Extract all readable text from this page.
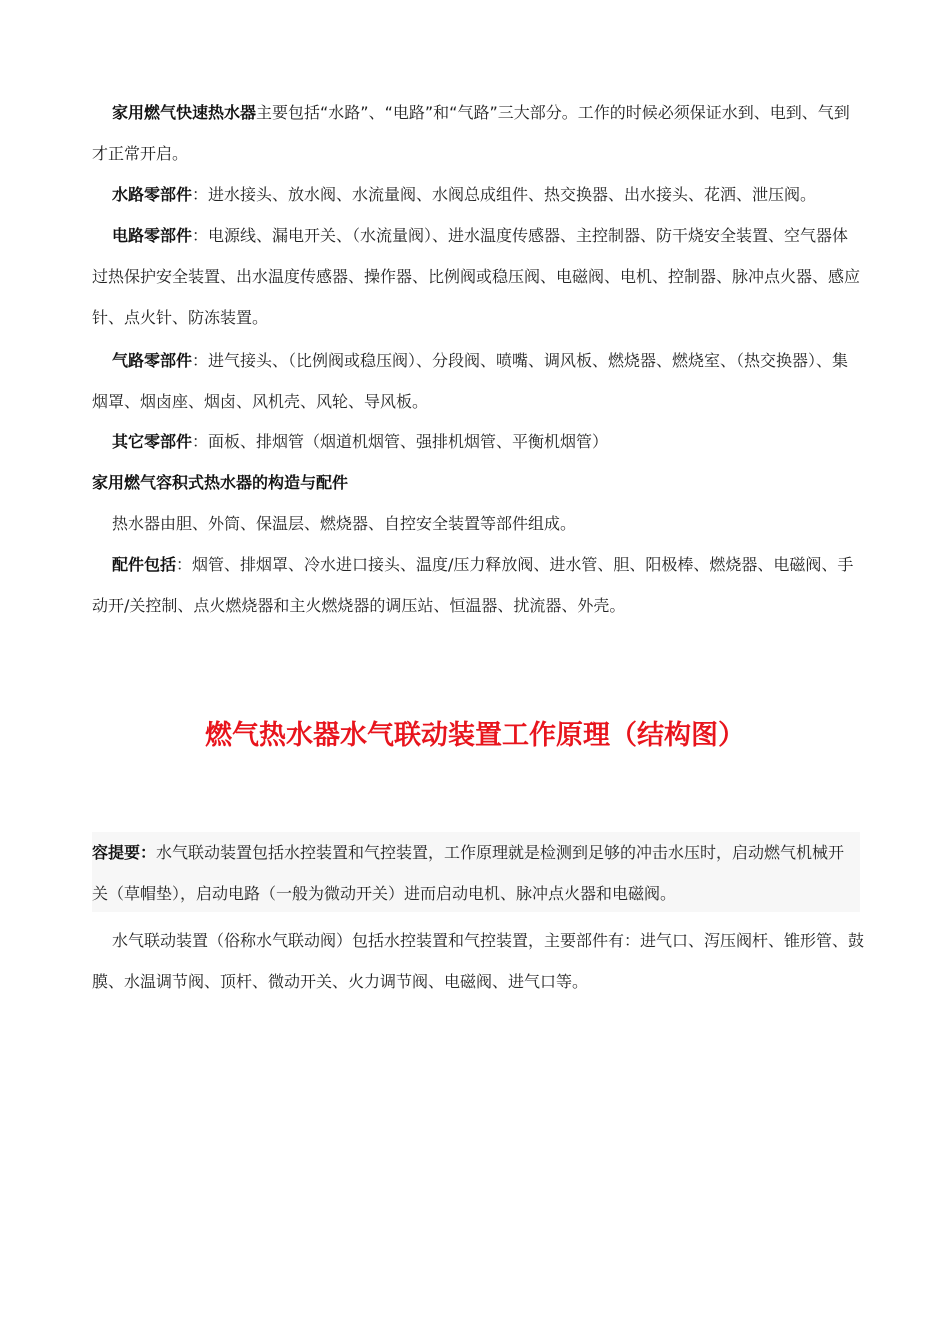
家用燃气快速热水器主要包括“水路”、“电路”和“气路”三大部分。工作的时候必须保证水到、电到、气到才正常开启。

水路零部件：进水接头、放水阀、水流量阀、水阀总成组件、热交换器、出水接头、花洒、泄压阀。

电路零部件：电源线、漏电开关、（水流量阀）、进水温度传感器、主控制器、防干烧安全装置、空气器体过热保护安全装置、出水温度传感器、操作器、比例阀或稳压阀、电磁阀、电机、控制器、脉冲点火器、感应针、点火针、防冻装置。

气路零部件：进气接头、（比例阀或稳压阀）、分段阀、喷嘴、调风板、燃烧器、燃烧室、（热交换器）、集烟罩、烟卤座、烟卤、风机壳、风轮、导风板。

其它零部件：面板、排烟管（烟道机烟管、强排机烟管、平衡机烟管）

家用燃气容积式热水器的构造与配件

热水器由胆、外筒、保温层、燃烧器、自控安全装置等部件组成。

配件包括：烟管、排烟罩、冷水进口接头、温度/压力释放阀、进水管、胆、阳极棒、燃烧器、电磁阀、手动开/关控制、点火燃烧器和主火燃烧器的调压站、恒温器、扰流器、外壳。

燃气热水器水气联动装置工作原理（结构图）

容提要：水气联动装置包括水控装置和气控装置，工作原理就是检测到足够的冲击水压时，启动燃气机械开关（草帽垫），启动电路（一般为微动开关）进而启动电机、脉冲点火器和电磁阀。

水气联动装置（俗称水气联动阀）包括水控装置和气控装置，主要部件有：进气口、泻压阀杆、锥形管、鼓膜、水温调节阀、顶杆、微动开关、火力调节阀、电磁阀、进气口等。
